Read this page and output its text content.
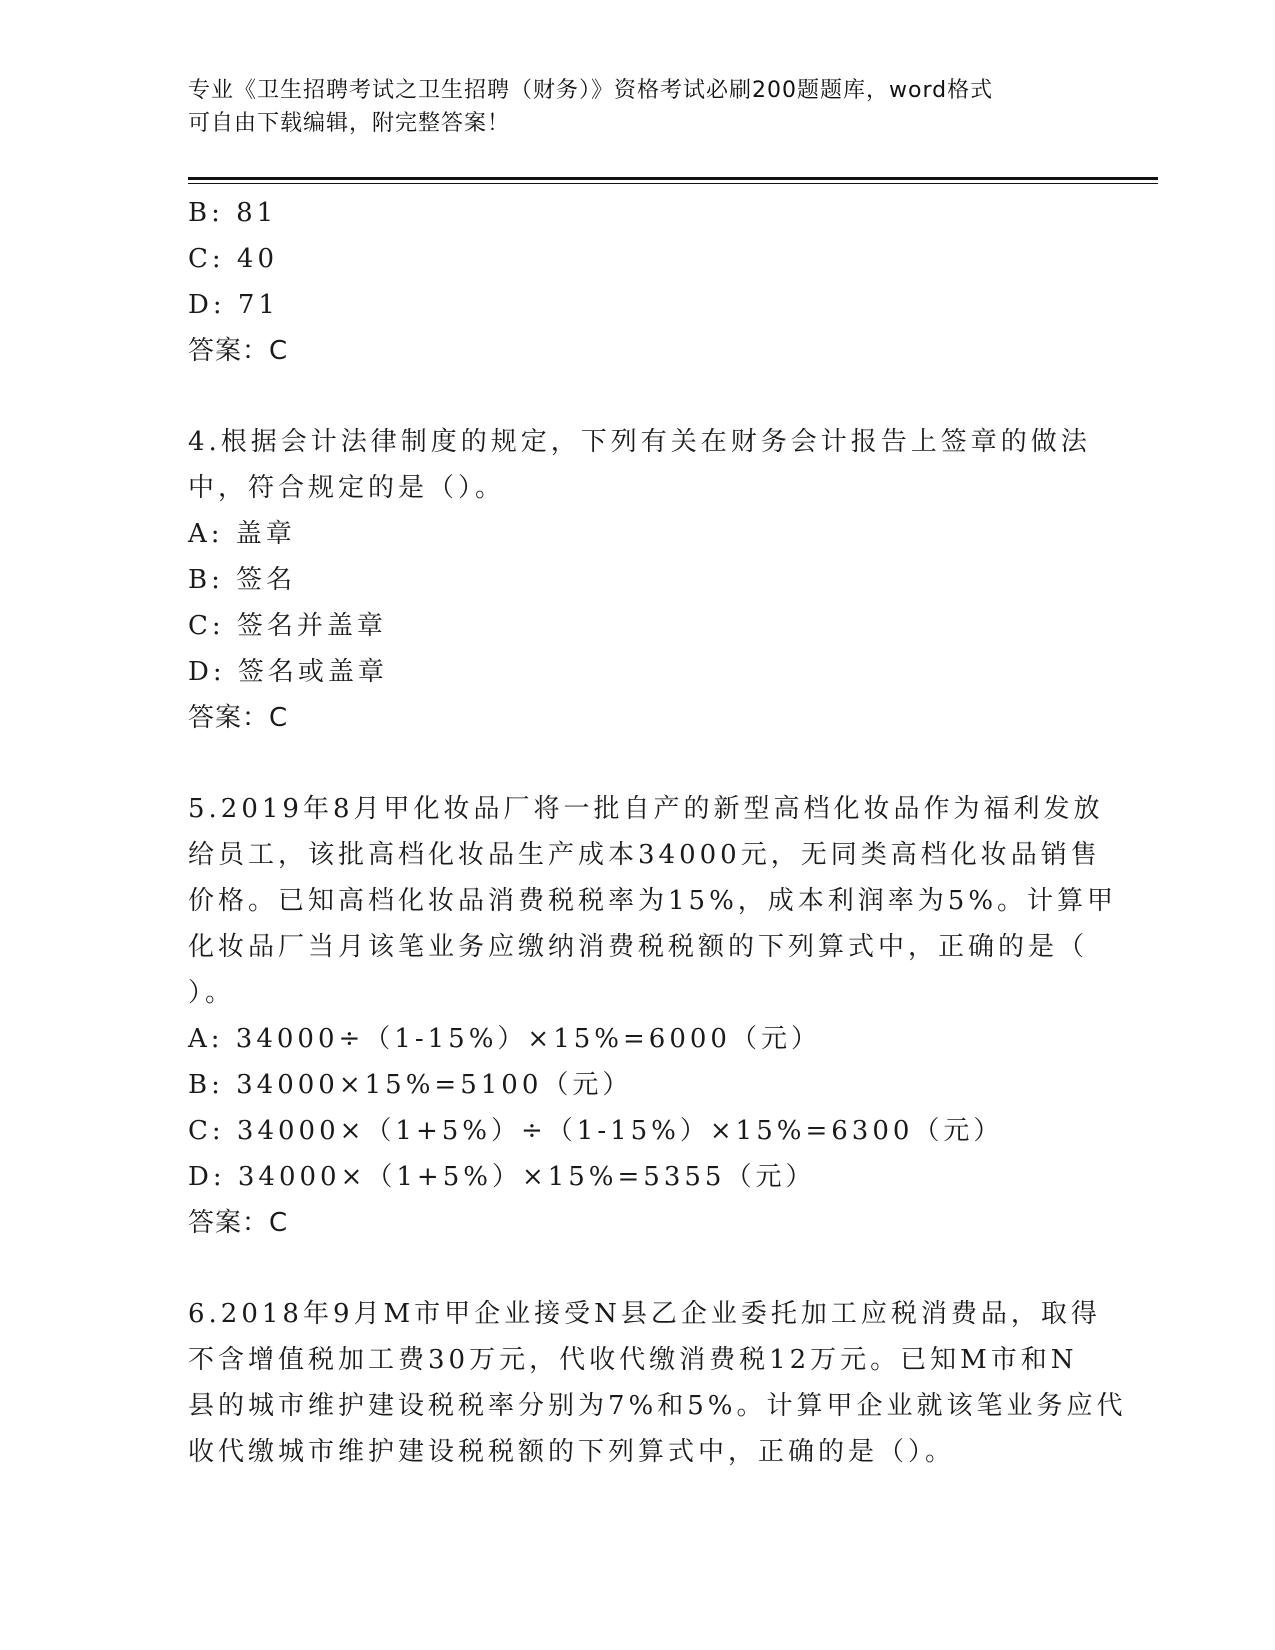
专业《卫生招聘考试之卫生招聘（财务）》资格考试必刷200题题库，word格式
可自由下载编辑，附完整答案！
B: 81
C: 40
D: 71
答案：C
4.根据会计法律制度的规定，下列有关在财务会计报告上签章的做法
中，符合规定的是（）。
A: 盖章
B: 签名
C: 签名并盖章
D: 签名或盖章
答案：C
5.2019年8月甲化妆品厂将一批自产的新型高档化妆品作为福利发放
给员工，该批高档化妆品生产成本34000元，无同类高档化妆品销售
价格。已知高档化妆品消费税税率为15%，成本利润率为5%。计算甲
化妆品厂当月该笔业务应缴纳消费税税额的下列算式中，正确的是（
）。
A: 34000÷（1-15%）×15%=6000（元）
B: 34000×15%=5100（元）
C: 34000×（1+5%）÷（1-15%）×15%=6300（元）
D: 34000×（1+5%）×15%=5355（元）
答案：C
6.2018年9月M市甲企业接受N县乙企业委托加工应税消费品，取得
不含增值税加工费30万元，代收代缴消费税12万元。已知M市和N
县的城市维护建设税税率分别为7%和5%。计算甲企业就该笔业务应代
收代缴城市维护建设税税额的下列算式中，正确的是（）。
